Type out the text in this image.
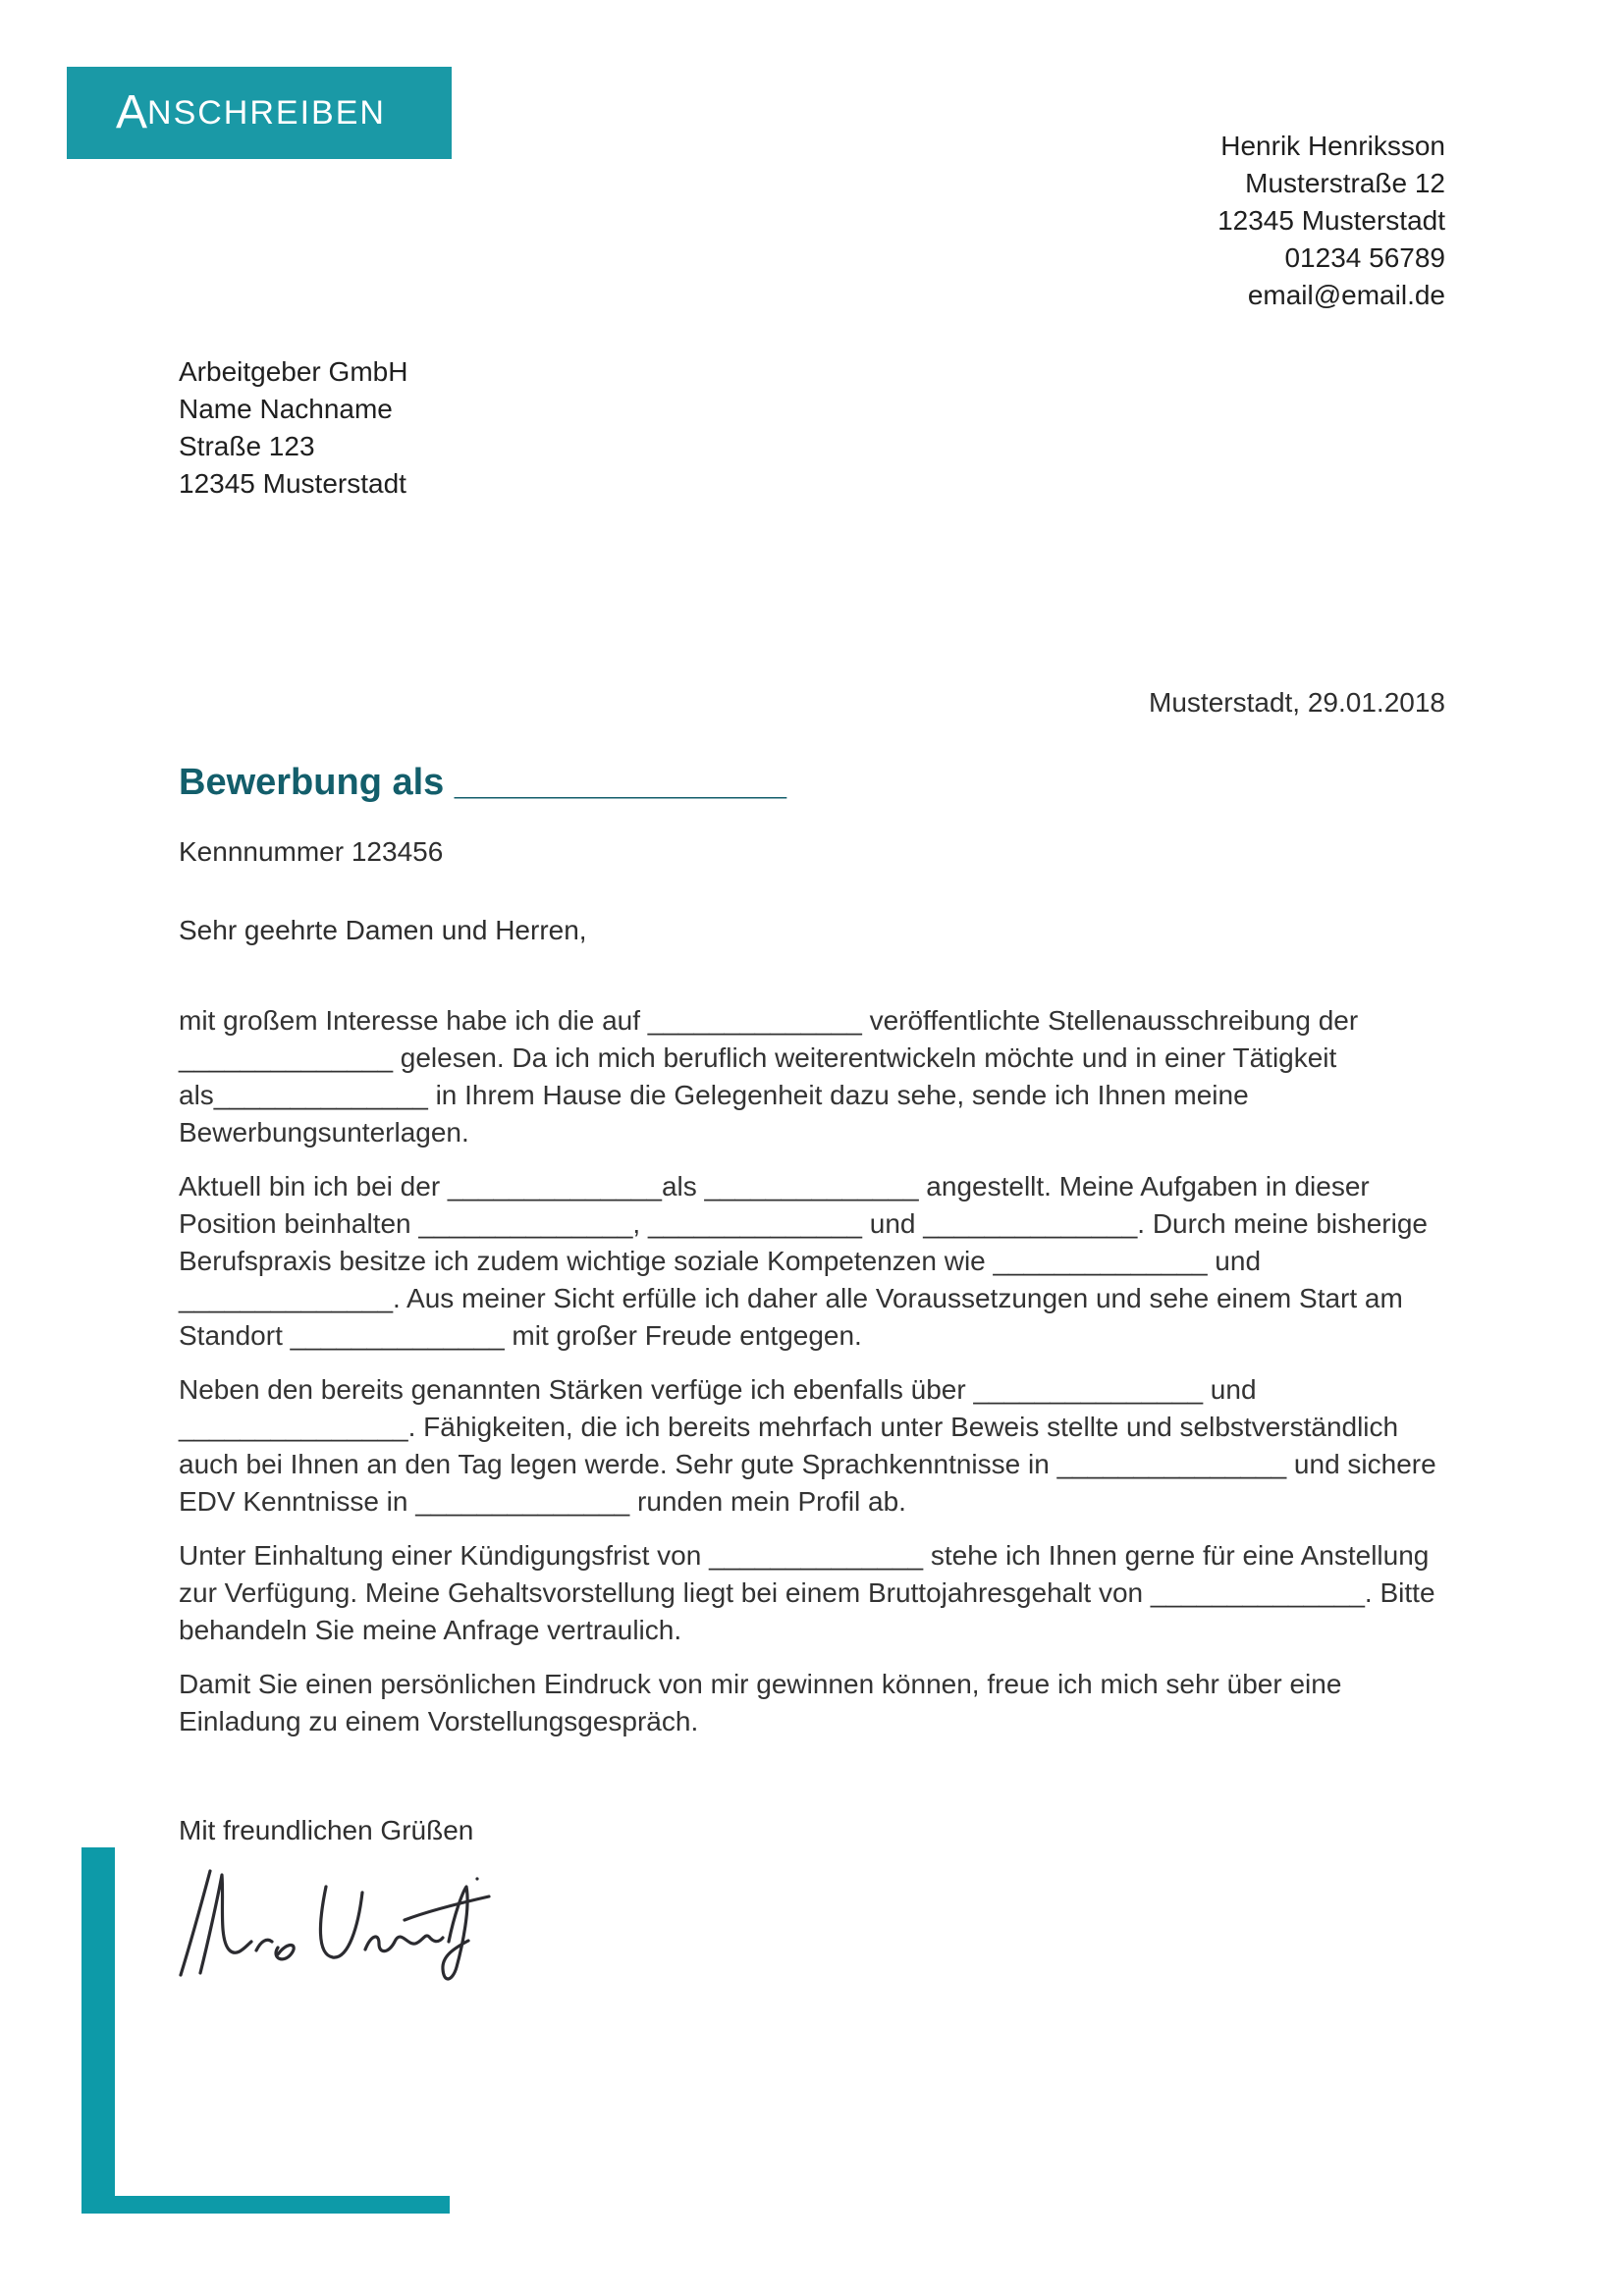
A NSCHREIBEN
Henrik Henriksson
Musterstraße 12
12345 Musterstadt
01234 56789
email@email.de
Arbeitgeber GmbH
Name Nachname
Straße 123
12345 Musterstadt
Musterstadt, 29.01.2018
Bewerbung als ________________
Kennnummer 123456
Sehr geehrte Damen und Herren,

mit großem Interesse habe ich die auf ______________ veröffentlichte Stellenausschreibung der ______________ gelesen. Da ich mich beruflich weiterentwickeln möchte und in einer Tätigkeit als______________ in Ihrem Hause die Gelegenheit dazu sehe, sende ich Ihnen meine Bewerbungsunterlagen.

Aktuell bin ich bei der ______________als ______________ angestellt. Meine Aufgaben in dieser Position beinhalten ______________, ______________ und ______________. Durch meine bisherige Berufspraxis besitze ich zudem wichtige soziale Kompetenzen wie ______________ und ______________. Aus meiner Sicht erfülle ich daher alle Voraussetzungen und sehe einem Start am Standort ______________ mit großer Freude entgegen.

Neben den bereits genannten Stärken verfüge ich ebenfalls über _______________ und _______________. Fähigkeiten, die ich bereits mehrfach unter Beweis stellte und selbstverständlich auch bei Ihnen an den Tag legen werde. Sehr gute Sprachkenntnisse in _______________ und sichere EDV Kenntnisse in ______________ runden mein Profil ab.

Unter Einhaltung einer Kündigungsfrist von ______________ stehe ich Ihnen gerne für eine Anstellung zur Verfügung. Meine Gehaltsvorstellung liegt bei einem Bruttojahresgehalt von ______________. Bitte behandeln Sie meine Anfrage vertraulich.

Damit Sie einen persönlichen Eindruck von mir gewinnen können, freue ich mich sehr über eine Einladung zu einem Vorstellungsgespräch.

Mit freundlichen Grüßen
